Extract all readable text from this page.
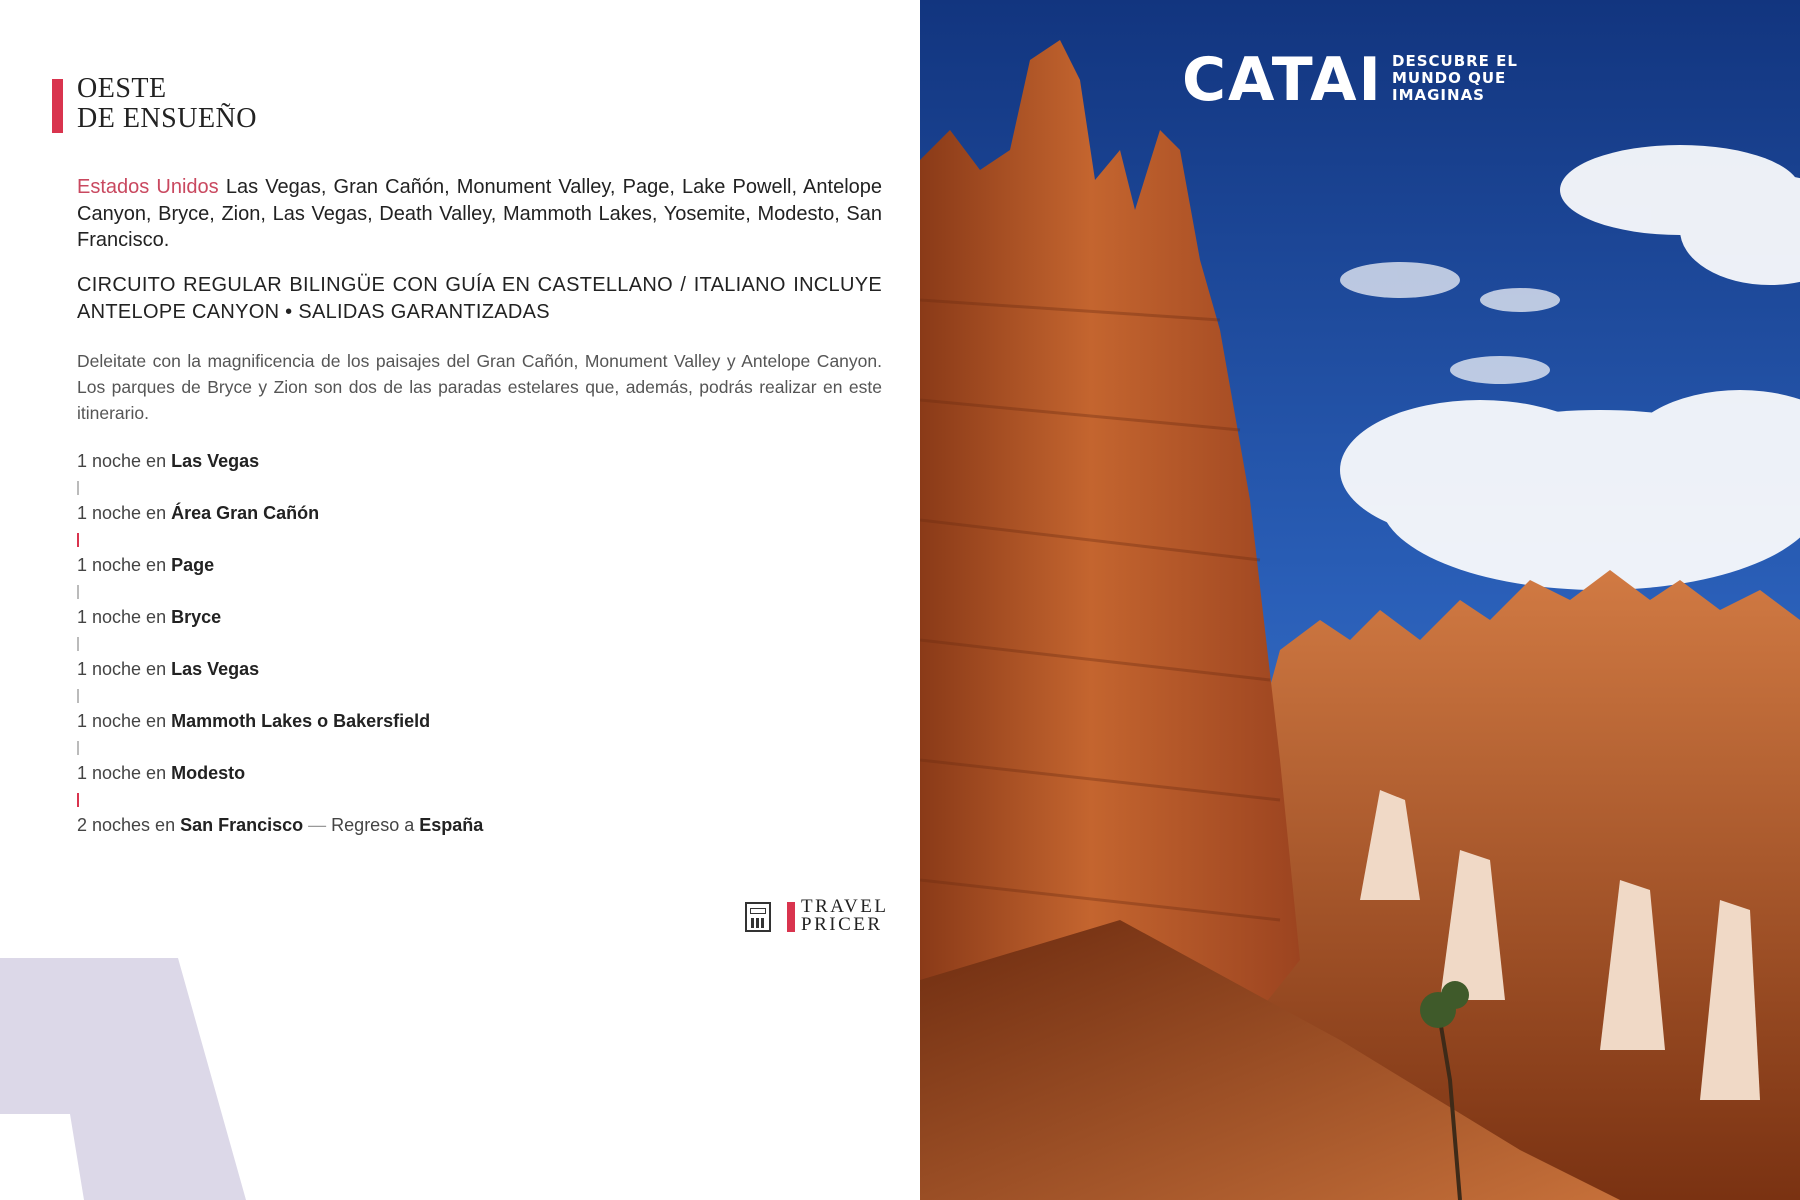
OESTE
DE ENSUEÑO

Estados Unidos Las Vegas, Gran Cañón, Monument Valley, Page, Lake Powell, Antelope Canyon, Bryce, Zion, Las Vegas, Death Valley, Mammoth Lakes, Yosemite, Modesto, San Francisco.

CIRCUITO REGULAR BILINGÜE CON GUÍA EN CASTELLANO / ITALIANO INCLUYE ANTELOPE CANYON • SALIDAS GARANTIZADAS

Deleitate con la magnificencia de los paisajes del Gran Cañón, Monument Valley y Antelope Canyon. Los parques de Bryce y Zion son dos de las paradas estelares que, además, podrás realizar en este itinerario.

1 noche en Las Vegas
1 noche en Área Gran Cañón
1 noche en Page
1 noche en Bryce
1 noche en Las Vegas
1 noche en Mammoth Lakes o Bakersfield
1 noche en Modesto
2 noches en San Francisco — Regreso a España
TRAVEL
PRICER
CATAI DESCUBRE EL
MUNDO QUE
IMAGINAS
